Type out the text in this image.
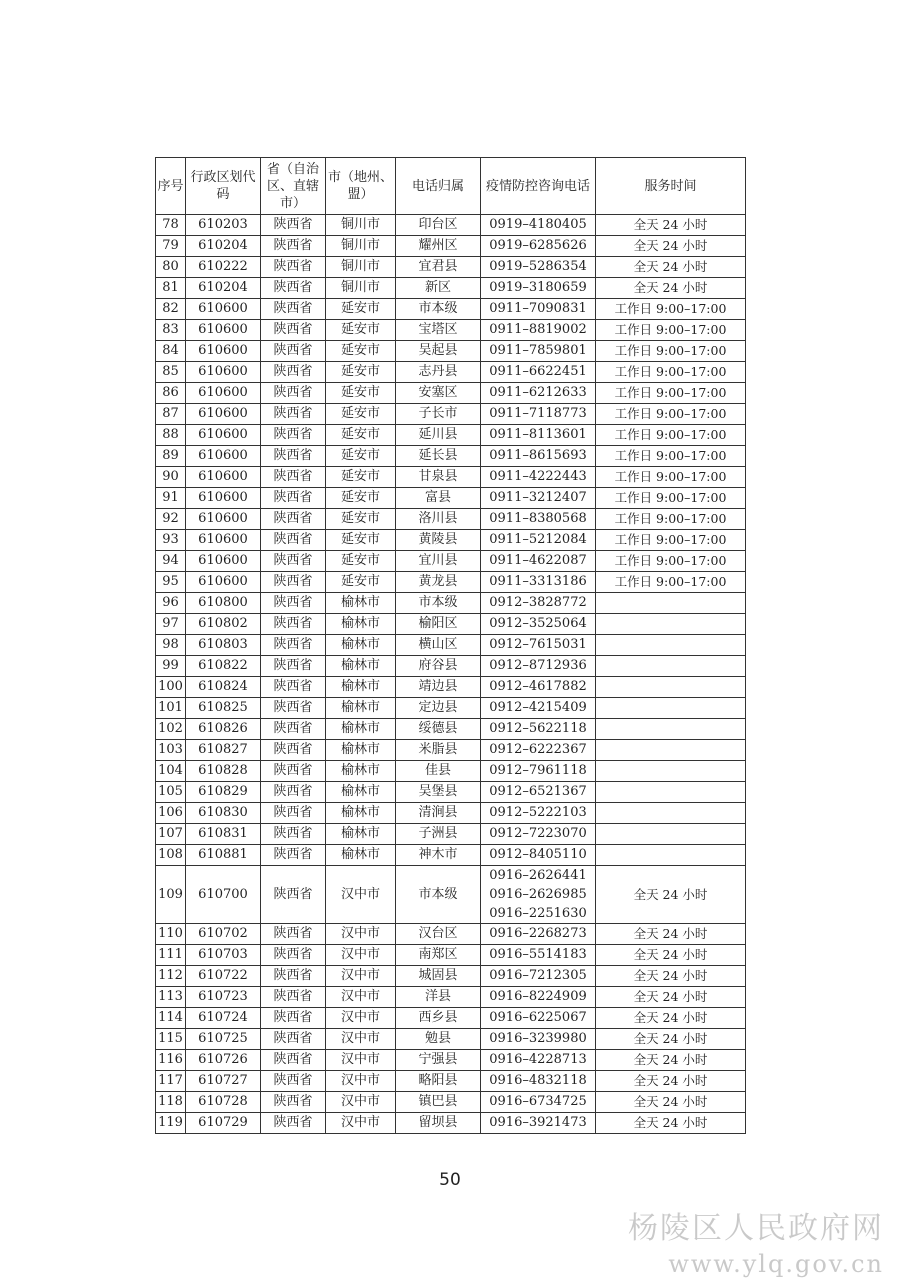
序号	行政区划代码	省（自治区、直辖市）	市（地州、盟）	电话归属	疫情防控咨询电话	服务时间
78	610203	陕西省	铜川市	印台区	0919–4180405	全天 24 小时
79	610204	陕西省	铜川市	耀州区	0919–6285626	全天 24 小时
80	610222	陕西省	铜川市	宜君县	0919–5286354	全天 24 小时
81	610204	陕西省	铜川市	新区	0919–3180659	全天 24 小时
82	610600	陕西省	延安市	市本级	0911–7090831	工作日 9:00–17:00
83	610600	陕西省	延安市	宝塔区	0911–8819002	工作日 9:00–17:00
84	610600	陕西省	延安市	吴起县	0911–7859801	工作日 9:00–17:00
85	610600	陕西省	延安市	志丹县	0911–6622451	工作日 9:00–17:00
86	610600	陕西省	延安市	安塞区	0911–6212633	工作日 9:00–17:00
87	610600	陕西省	延安市	子长市	0911–7118773	工作日 9:00–17:00
88	610600	陕西省	延安市	延川县	0911–8113601	工作日 9:00–17:00
89	610600	陕西省	延安市	延长县	0911–8615693	工作日 9:00–17:00
90	610600	陕西省	延安市	甘泉县	0911–4222443	工作日 9:00–17:00
91	610600	陕西省	延安市	富县	0911–3212407	工作日 9:00–17:00
92	610600	陕西省	延安市	洛川县	0911–8380568	工作日 9:00–17:00
93	610600	陕西省	延安市	黄陵县	0911–5212084	工作日 9:00–17:00
94	610600	陕西省	延安市	宜川县	0911–4622087	工作日 9:00–17:00
95	610600	陕西省	延安市	黄龙县	0911–3313186	工作日 9:00–17:00
96	610800	陕西省	榆林市	市本级	0912–3828772	
97	610802	陕西省	榆林市	榆阳区	0912–3525064	
98	610803	陕西省	榆林市	横山区	0912–7615031	
99	610822	陕西省	榆林市	府谷县	0912–8712936	
100	610824	陕西省	榆林市	靖边县	0912–4617882	
101	610825	陕西省	榆林市	定边县	0912–4215409	
102	610826	陕西省	榆林市	绥德县	0912–5622118	
103	610827	陕西省	榆林市	米脂县	0912–6222367	
104	610828	陕西省	榆林市	佳县	0912–7961118	
105	610829	陕西省	榆林市	吴堡县	0912–6521367	
106	610830	陕西省	榆林市	清涧县	0912–5222103	
107	610831	陕西省	榆林市	子洲县	0912–7223070	
108	610881	陕西省	榆林市	神木市	0912–8405110	
109	610700	陕西省	汉中市	市本级	0916–2626441
0916–2626985
0916–2251630	全天 24 小时
110	610702	陕西省	汉中市	汉台区	0916–2268273	全天 24 小时
111	610703	陕西省	汉中市	南郑区	0916–5514183	全天 24 小时
112	610722	陕西省	汉中市	城固县	0916–7212305	全天 24 小时
113	610723	陕西省	汉中市	洋县	0916–8224909	全天 24 小时
114	610724	陕西省	汉中市	西乡县	0916–6225067	全天 24 小时
115	610725	陕西省	汉中市	勉县	0916–3239980	全天 24 小时
116	610726	陕西省	汉中市	宁强县	0916–4228713	全天 24 小时
117	610727	陕西省	汉中市	略阳县	0916–4832118	全天 24 小时
118	610728	陕西省	汉中市	镇巴县	0916–6734725	全天 24 小时
119	610729	陕西省	汉中市	留坝县	0916–3921473	全天 24 小时
50
杨陵区人民政府网
www.ylq.gov.cn
